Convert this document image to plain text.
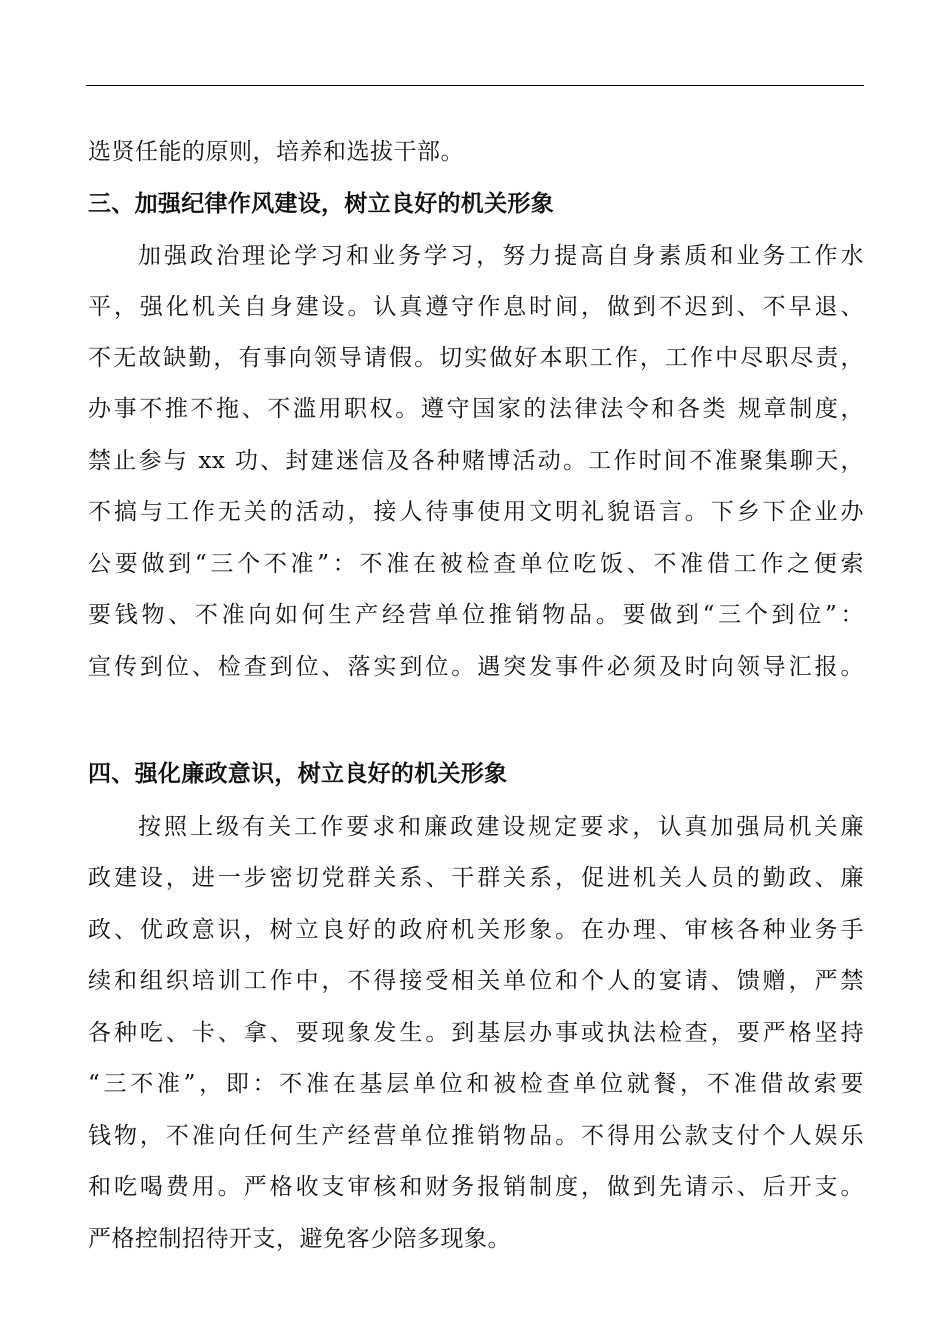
选贤任能的原则，培养和选拔干部。
三、加强纪律作风建设，树立良好的机关形象
加强政治理论学习和业务学习，努力提高自身素质和业务工作水
平，强化机关自身建设。认真遵守作息时间，做到不迟到、不早退、
不无故缺勤，有事向领导请假。切实做好本职工作，工作中尽职尽责，
办事不推不拖、不滥用职权。遵守国家的法律法令和各类 规章制度，
禁止参与 xx 功、封建迷信及各种赌博活动。工作时间不准聚集聊天，
不搞与工作无关的活动，接人待事使用文明礼貌语言。下乡下企业办
公要做到“三个不准”：不准在被检查单位吃饭、不准借工作之便索
要钱物、不准向如何生产经营单位推销物品。要做到“三个到位”：
宣传到位、检查到位、落实到位。遇突发事件必须及时向领导汇报。
四、强化廉政意识，树立良好的机关形象
按照上级有关工作要求和廉政建设规定要求，认真加强局机关廉
政建设，进一步密切党群关系、干群关系，促进机关人员的勤政、廉
政、优政意识，树立良好的政府机关形象。在办理、审核各种业务手
续和组织培训工作中，不得接受相关单位和个人的宴请、馈赠，严禁
各种吃、卡、拿、要现象发生。到基层办事或执法检查，要严格坚持
“三不准”，即：不准在基层单位和被检查单位就餐，不准借故索要
钱物，不准向任何生产经营单位推销物品。不得用公款支付个人娱乐
和吃喝费用。严格收支审核和财务报销制度，做到先请示、后开支。
严格控制招待开支，避免客少陪多现象。
